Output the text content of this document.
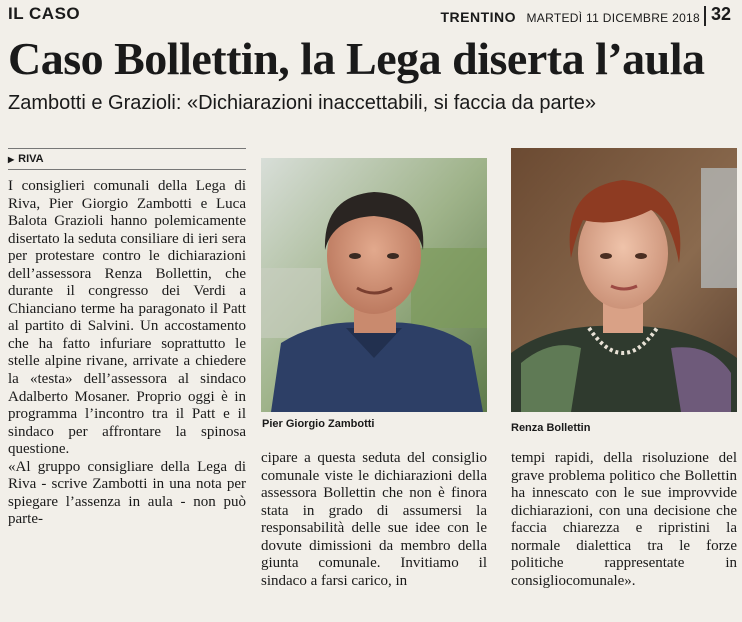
IL CASO	TRENTINO MARTEDÌ 11 DICEMBRE 2018 32
Caso Bollettin, la Lega diserta l’aula
Zambotti e Grazioli: «Dichiarazioni inaccettabili, si faccia da parte»
▶ RIVA

I consiglieri comunali della Lega di Riva, Pier Giorgio Zambotti e Luca Balota Grazioli hanno polemicamente disertato la seduta consiliare di ieri sera per protestare contro le dichiarazioni dell’assessora Renza Bollettin, che durante il congresso dei Verdi a Chianciano terme ha paragonato il Patt al partito di Salvini. Un accostamento che ha fatto infuriare soprattutto le stelle alpine rivane, arrivate a chiedere la «testa» dell’assessora al sindaco Adalberto Mosaner. Proprio oggi è in programma l’incontro tra il Patt e il sindaco per affrontare la spinosa questione.
«Al gruppo consigliare della Lega di Riva - scrive Zambotti in una nota per spiegare l’assenza in aula - non può parte-

Pier Giorgio Zambotti	Renza Bollettin

cipare a questa seduta del consiglio comunale viste le dichiarazioni della assessora Bollettin che non è finora stata in grado di assumersi la responsabilità delle sue idee con le dovute dimissioni da membro della giunta comunale. Invitiamo il sindaco a farsi carico, in

tempi rapidi, della risoluzione del grave problema politico che Bollettin ha innescato con le sue improvvide dichiarazioni, con una decisione che faccia chiarezza e ripristini la normale dialettica tra le forze politiche rappresentate in consigliocomunale».
